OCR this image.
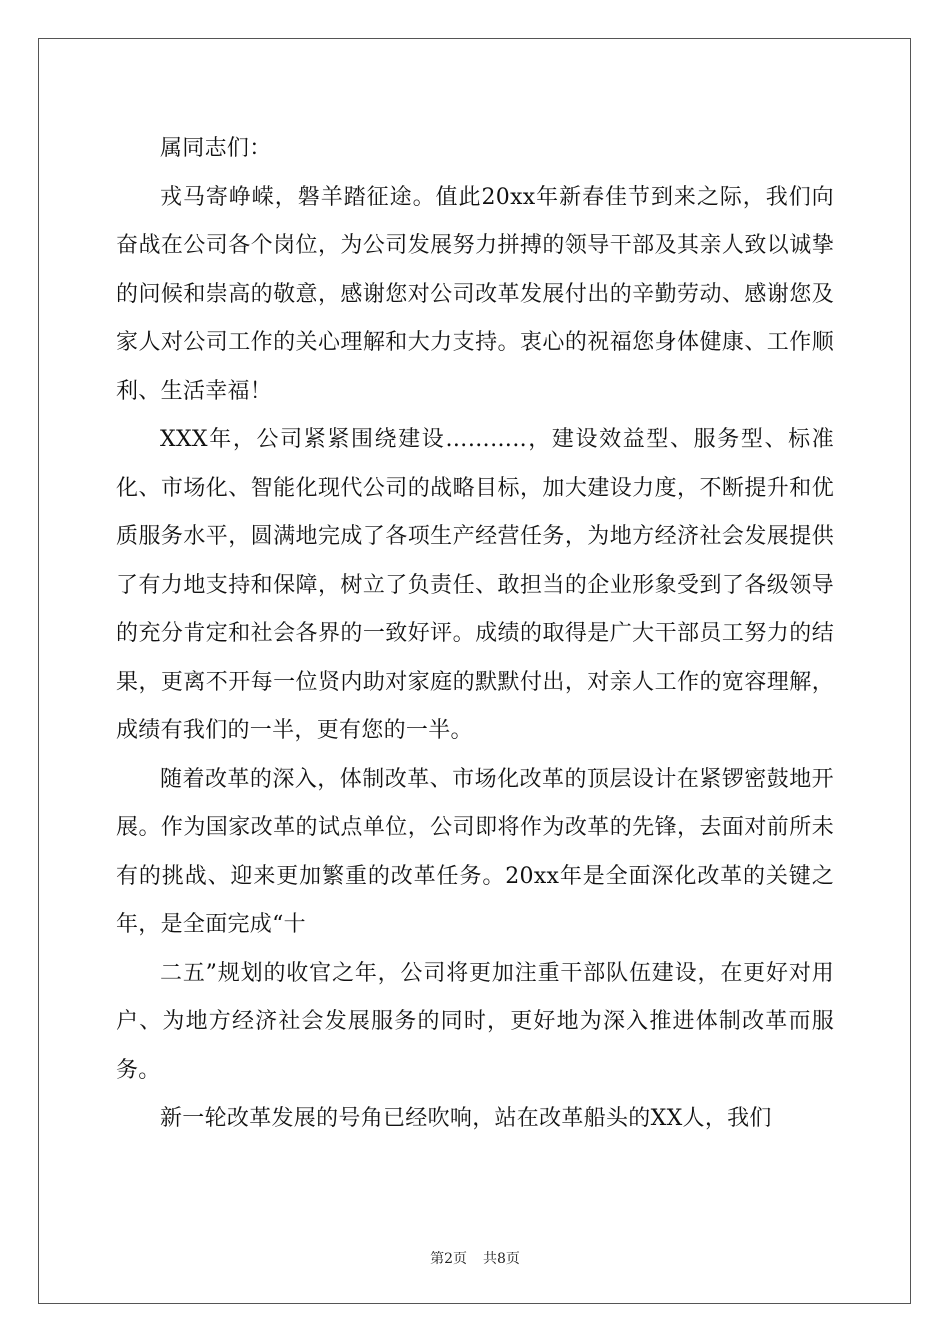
属同志们：

戎马寄峥嵘，磐羊踏征途。值此20xx年新春佳节到来之际，我们向奋战在公司各个岗位，为公司发展努力拼搏的领导干部及其亲人致以诚挚的问候和崇高的敬意，感谢您对公司改革发展付出的辛勤劳动、感谢您及家人对公司工作的关心理解和大力支持。衷心的祝福您身体健康、工作顺利、生活幸福！

XXX年，公司紧紧围绕建设………..，建设效益型、服务型、标准化、市场化、智能化现代公司的战略目标，加大建设力度，不断提升和优质服务水平，圆满地完成了各项生产经营任务，为地方经济社会发展提供了有力地支持和保障，树立了负责任、敢担当的企业形象受到了各级领导的充分肯定和社会各界的一致好评。成绩的取得是广大干部员工努力的结果，更离不开每一位贤内助对家庭的默默付出，对亲人工作的宽容理解，成绩有我们的一半，更有您的一半。

随着改革的深入，体制改革、市场化改革的顶层设计在紧锣密鼓地开展。作为国家改革的试点单位，公司即将作为改革的先锋，去面对前所未有的挑战、迎来更加繁重的改革任务。20xx年是全面深化改革的关键之年，是全面完成“十

二五”规划的收官之年，公司将更加注重干部队伍建设，在更好对用户、为地方经济社会发展服务的同时，更好地为深入推进体制改革而服务。

新一轮改革发展的号角已经吹响，站在改革船头的XX人，我们

第2页 共8页
